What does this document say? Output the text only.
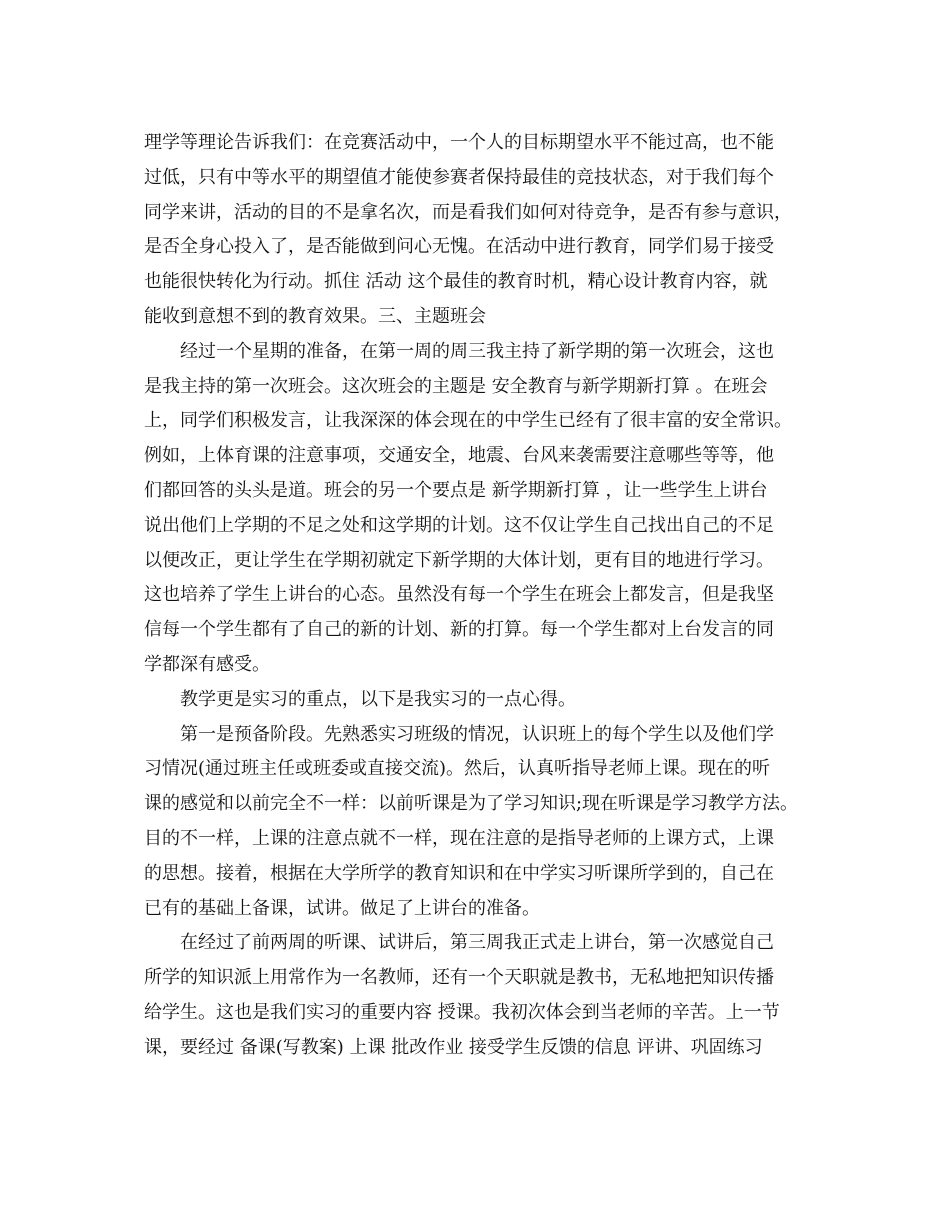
理学等理论告诉我们：在竞赛活动中，一个人的目标期望水平不能过高，也不能
过低，只有中等水平的期望值才能使参赛者保持最佳的竞技状态，对于我们每个
同学来讲，活动的目的不是拿名次，而是看我们如何对待竞争，是否有参与意识，
是否全身心投入了，是否能做到问心无愧。在活动中进行教育，同学们易于接受
也能很快转化为行动。抓住 活动 这个最佳的教育时机，精心设计教育内容，就
能收到意想不到的教育效果。三、主题班会
经过一个星期的准备，在第一周的周三我主持了新学期的第一次班会，这也
是我主持的第一次班会。这次班会的主题是 安全教育与新学期新打算 。在班会
上，同学们积极发言，让我深深的体会现在的中学生已经有了很丰富的安全常识。
例如，上体育课的注意事项，交通安全，地震、台风来袭需要注意哪些等等，他
们都回答的头头是道。班会的另一个要点是 新学期新打算 ，让一些学生上讲台
说出他们上学期的不足之处和这学期的计划。这不仅让学生自己找出自己的不足
以便改正，更让学生在学期初就定下新学期的大体计划，更有目的地进行学习。
这也培养了学生上讲台的心态。虽然没有每一个学生在班会上都发言，但是我坚
信每一个学生都有了自己的新的计划、新的打算。每一个学生都对上台发言的同
学都深有感受。
教学更是实习的重点，以下是我实习的一点心得。
第一是预备阶段。先熟悉实习班级的情况，认识班上的每个学生以及他们学
习情况(通过班主任或班委或直接交流)。然后，认真听指导老师上课。现在的听
课的感觉和以前完全不一样：以前听课是为了学习知识;现在听课是学习教学方法。
目的不一样，上课的注意点就不一样，现在注意的是指导老师的上课方式，上课
的思想。接着，根据在大学所学的教育知识和在中学实习听课所学到的，自己在
已有的基础上备课，试讲。做足了上讲台的准备。
在经过了前两周的听课、试讲后，第三周我正式走上讲台，第一次感觉自己
所学的知识派上用常作为一名教师，还有一个天职就是教书，无私地把知识传播
给学生。这也是我们实习的重要内容 授课。我初次体会到当老师的辛苦。上一节
课，要经过 备课(写教案) 上课 批改作业 接受学生反馈的信息 评讲、巩固练习
